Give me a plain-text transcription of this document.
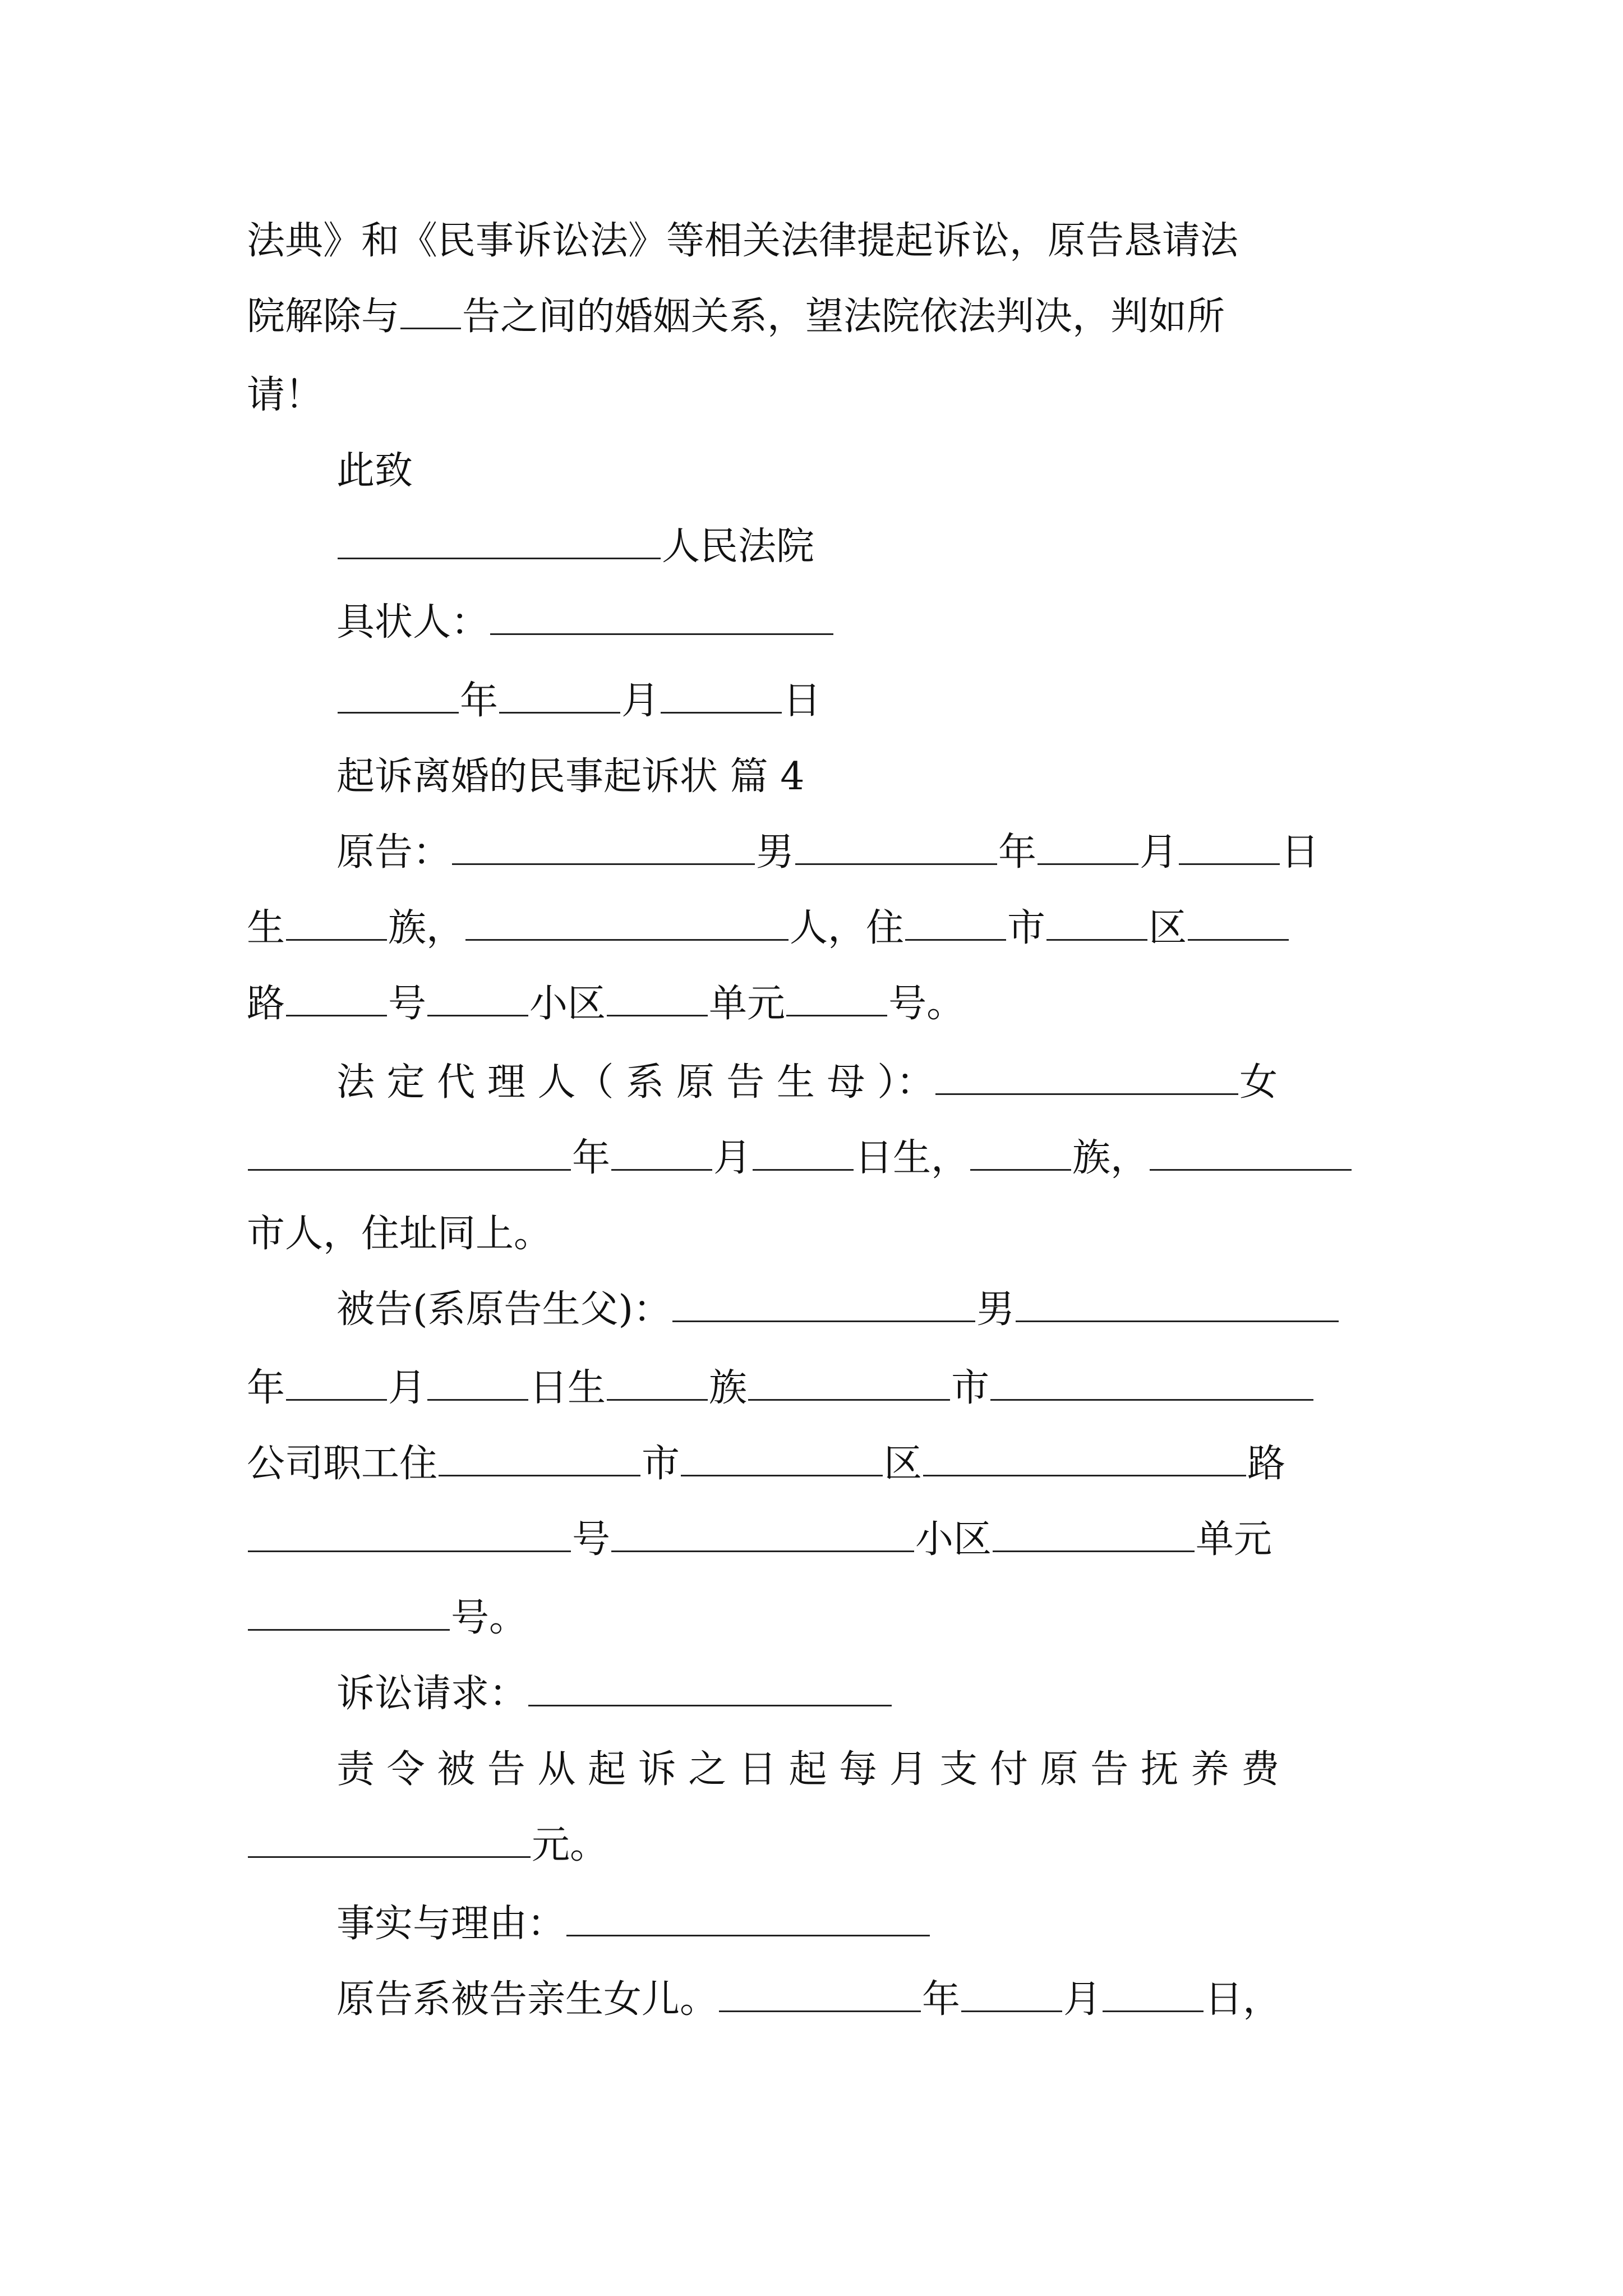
法典》和《民事诉讼法》等相关法律提起诉讼，原告恳请法
院解除与 告之间的婚姻关系，望法院依法判决，判如所
请！
此致
人民法院
具状人：
年	月	日
起诉离婚的民事起诉状 篇 4
原告：	男	年	月	日
生	族，	人，住	市	区
路	号	小区	单元	号。
法 定 代 理 人（ 系 原 告 生 母 ）：	女
年	月	日生，	族，
市人，住址同上。
被告(系原告生父)：	男
年	月	日生	族	市
公司职工住	市	区	路
号	小区	单元
号。
诉讼请求：
责 令 被 告 从 起 诉 之 日 起 每 月 支 付 原 告 抚 养 费
元。
事实与理由：
原告系被告亲生女儿。	年	月	日，
